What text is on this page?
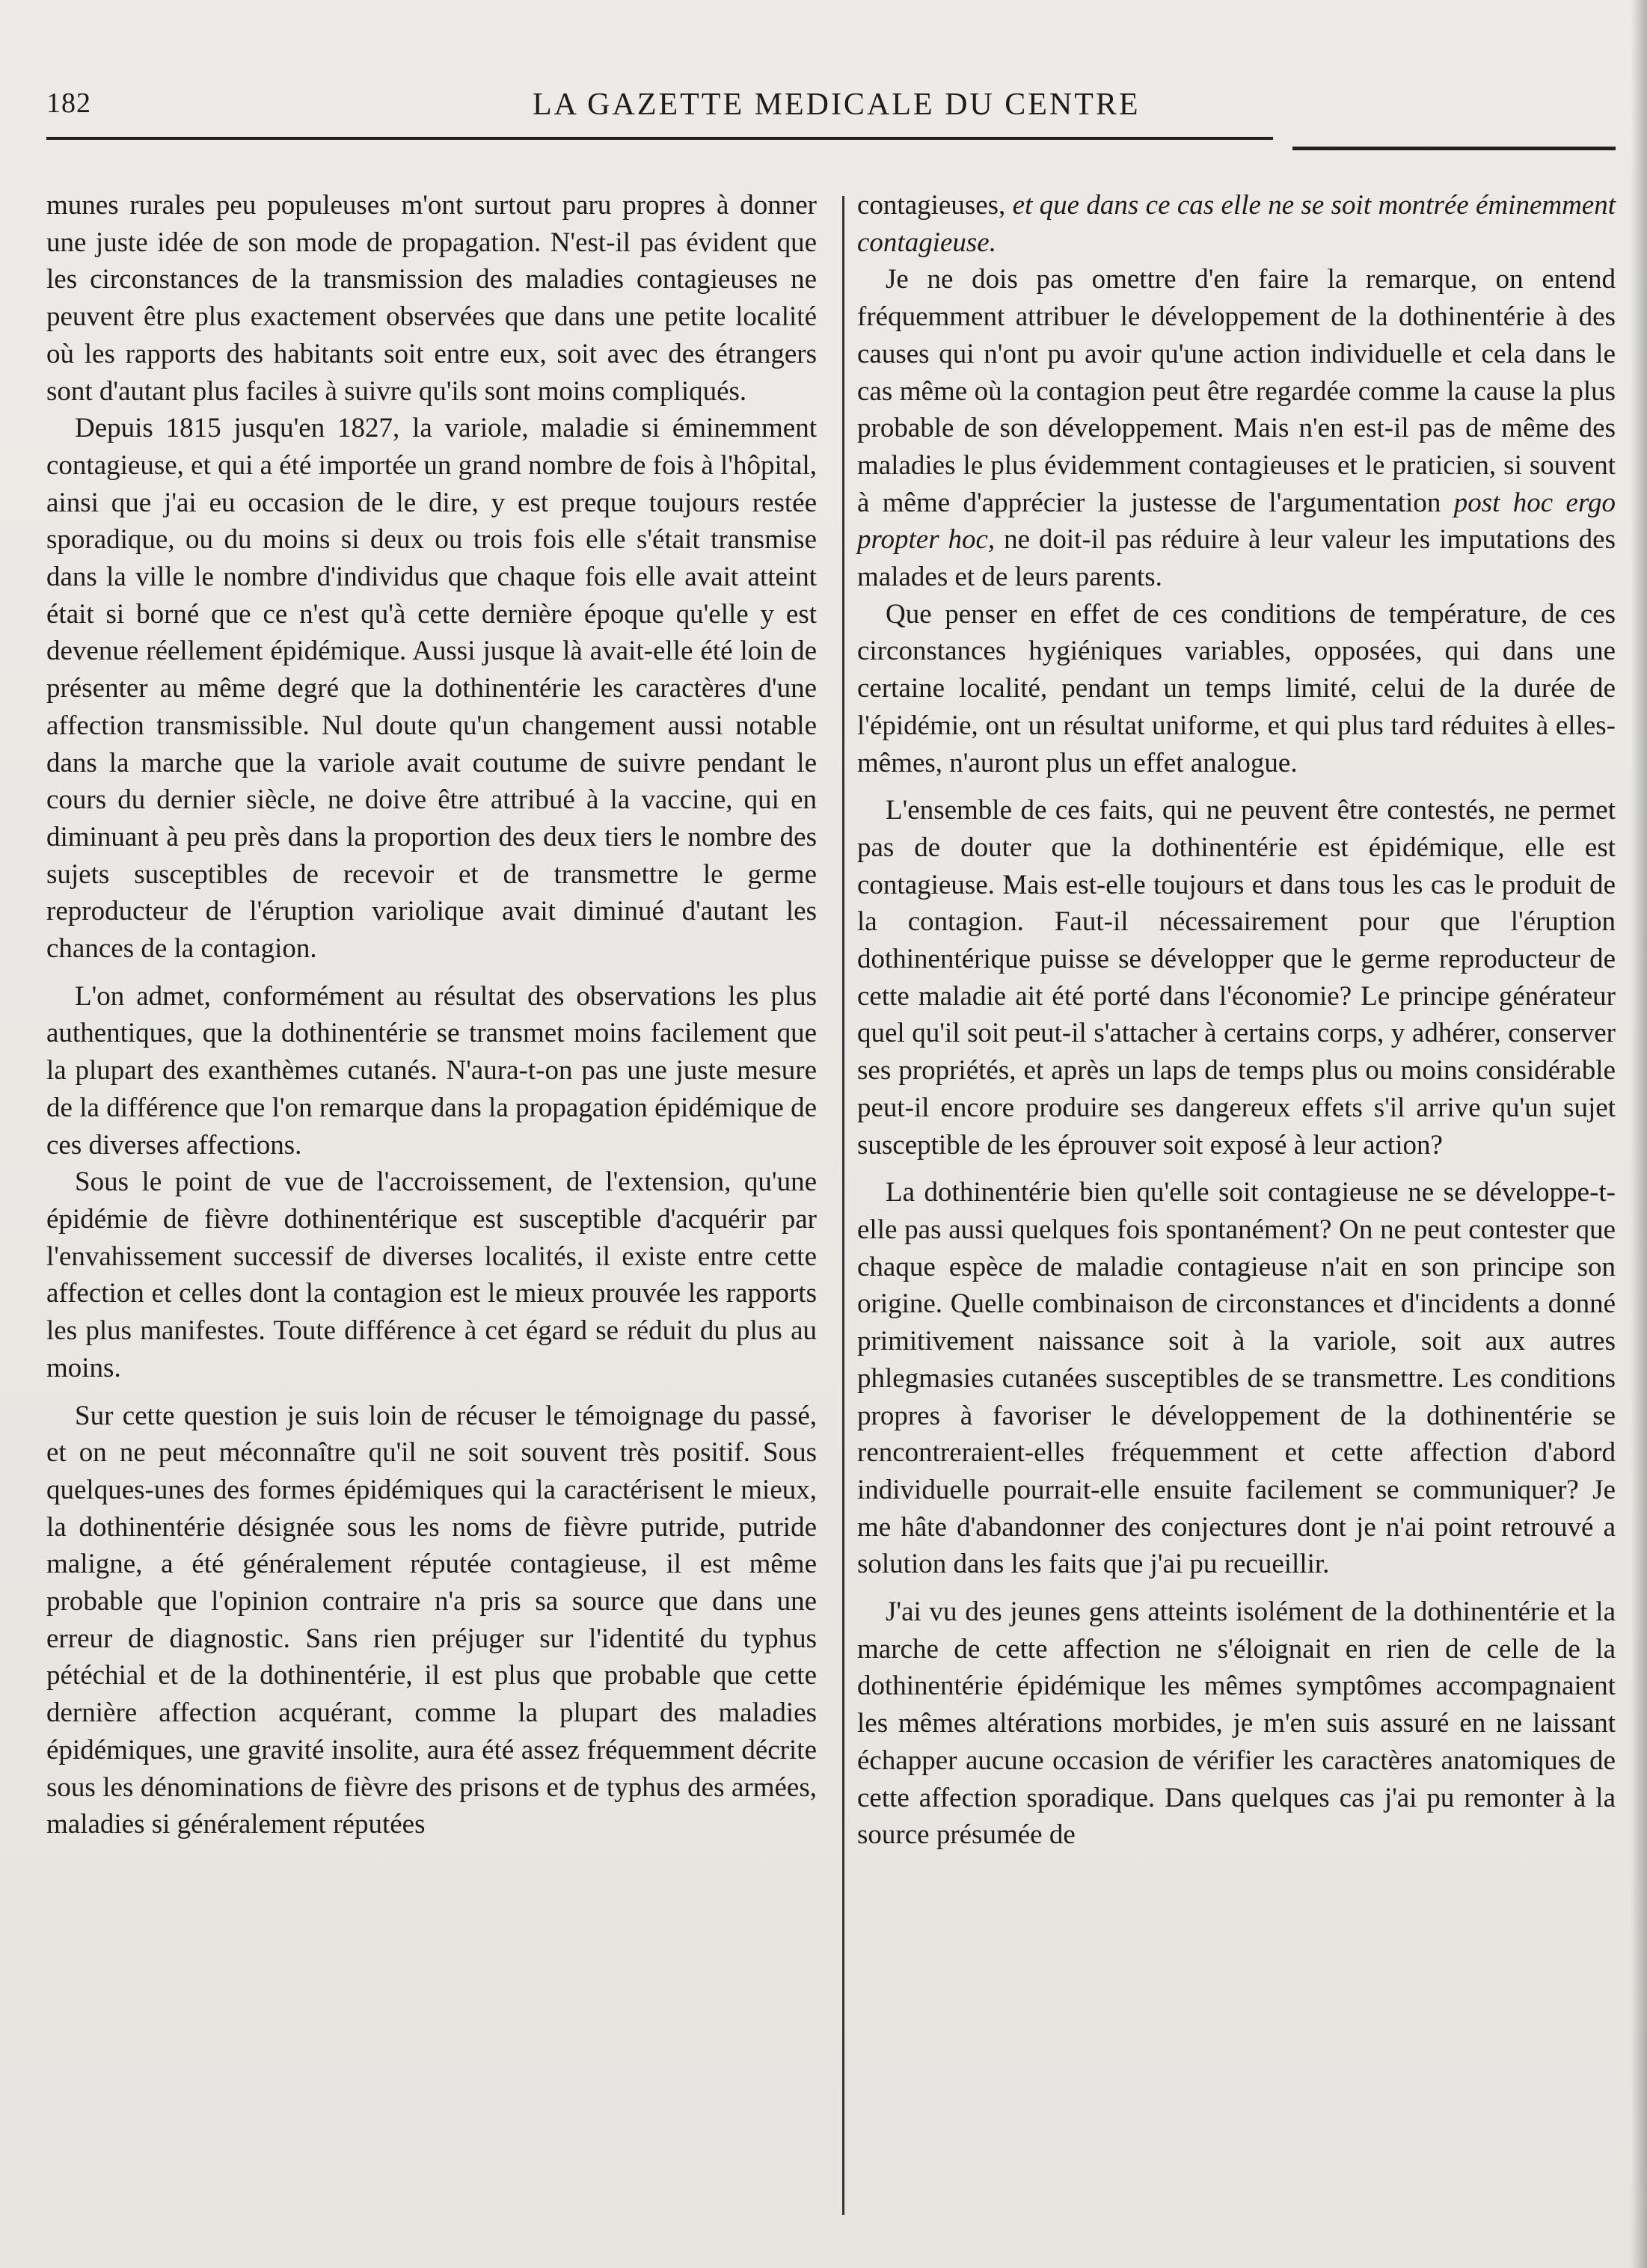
182	LA GAZETTE MEDICALE DU CENTRE

munes rurales peu populeuses m'ont surtout paru propres à donner une juste idée de son mode de propagation. N'est-il pas évident que les circonstances de la transmission des maladies contagieuses ne peuvent être plus exactement observées que dans une petite localité où les rapports des habitants soit entre eux, soit avec des étrangers sont d'autant plus faciles à suivre qu'ils sont moins compliqués.

Depuis 1815 jusqu'en 1827, la variole, maladie si éminemment contagieuse, et qui a été importée un grand nombre de fois à l'hôpital, ainsi que j'ai eu occasion de le dire, y est preque toujours restée sporadique, ou du moins si deux ou trois fois elle s'était transmise dans la ville le nombre d'individus que chaque fois elle avait atteint était si borné que ce n'est qu'à cette dernière époque qu'elle y est devenue réellement épidémique. Aussi jusque là avait-elle été loin de présenter au même degré que la dothinentérie les caractères d'une affection transmissible. Nul doute qu'un changement aussi notable dans la marche que la variole avait coutume de suivre pendant le cours du dernier siècle, ne doive être attribué à la vaccine, qui en diminuant à peu près dans la proportion des deux tiers le nombre des sujets susceptibles de recevoir et de transmettre le germe reproducteur de l'éruption variolique avait diminué d'autant les chances de la contagion.

L'on admet, conformément au résultat des observations les plus authentiques, que la dothinentérie se transmet moins facilement que la plupart des exanthèmes cutanés. N'aura-t-on pas une juste mesure de la différence que l'on remarque dans la propagation épidémique de ces diverses affections.

Sous le point de vue de l'accroissement, de l'extension, qu'une épidémie de fièvre dothinentérique est susceptible d'acquérir par l'envahissement successif de diverses localités, il existe entre cette affection et celles dont la contagion est le mieux prouvée les rapports les plus manifestes. Toute différence à cet égard se réduit du plus au moins.

Sur cette question je suis loin de récuser le témoignage du passé, et on ne peut méconnaître qu'il ne soit souvent très positif. Sous quelques-unes des formes épidémiques qui la caractérisent le mieux, la dothinentérie désignée sous les noms de fièvre putride, putride maligne, a été généralement réputée contagieuse, il est même probable que l'opinion contraire n'a pris sa source que dans une erreur de diagnostic. Sans rien préjuger sur l'identité du typhus pétéchial et de la dothinentérie, il est plus que probable que cette dernière affection acquérant, comme la plupart des maladies épidémiques, une gravité insolite, aura été assez fréquemment décrite sous les dénominations de fièvre des prisons et de typhus des armées, maladies si généralement réputées

contagieuses, et que dans ce cas elle ne se soit montrée éminemment contagieuse.

Je ne dois pas omettre d'en faire la remarque, on entend fréquemment attribuer le développement de la dothinentérie à des causes qui n'ont pu avoir qu'une action individuelle et cela dans le cas même où la contagion peut être regardée comme la cause la plus probable de son développement. Mais n'en est-il pas de même des maladies le plus évidemment contagieuses et le praticien, si souvent à même d'apprécier la justesse de l'argumentation post hoc ergo propter hoc, ne doit-il pas réduire à leur valeur les imputations des malades et de leurs parents.

Que penser en effet de ces conditions de température, de ces circonstances hygiéniques variables, opposées, qui dans une certaine localité, pendant un temps limité, celui de la durée de l'épidémie, ont un résultat uniforme, et qui plus tard réduites à elles-mêmes, n'auront plus un effet analogue.

L'ensemble de ces faits, qui ne peuvent être contestés, ne permet pas de douter que la dothinentérie est épidémique, elle est contagieuse. Mais est-elle toujours et dans tous les cas le produit de la contagion. Faut-il nécessairement pour que l'éruption dothinentérique puisse se développer que le germe reproducteur de cette maladie ait été porté dans l'économie? Le principe générateur quel qu'il soit peut-il s'attacher à certains corps, y adhérer, conserver ses propriétés, et après un laps de temps plus ou moins considérable peut-il encore produire ses dangereux effets s'il arrive qu'un sujet susceptible de les éprouver soit exposé à leur action?

La dothinentérie bien qu'elle soit contagieuse ne se développe-t-elle pas aussi quelques fois spontanément? On ne peut contester que chaque espèce de maladie contagieuse n'ait en son principe son origine. Quelle combinaison de circonstances et d'incidents a donné primitivement naissance soit à la variole, soit aux autres phlegmasies cutanées susceptibles de se transmettre. Les conditions propres à favoriser le développement de la dothinentérie se rencontreraient-elles fréquemment et cette affection d'abord individuelle pourrait-elle ensuite facilement se communiquer? Je me hâte d'abandonner des conjectures dont je n'ai point retrouvé a solution dans les faits que j'ai pu recueillir.

J'ai vu des jeunes gens atteints isolément de la dothinentérie et la marche de cette affection ne s'éloignait en rien de celle de la dothinentérie épidémique les mêmes symptômes accompagnaient les mêmes altérations morbides, je m'en suis assuré en ne laissant échapper aucune occasion de vérifier les caractères anatomiques de cette affection sporadique. Dans quelques cas j'ai pu remonter à la source présumée de
